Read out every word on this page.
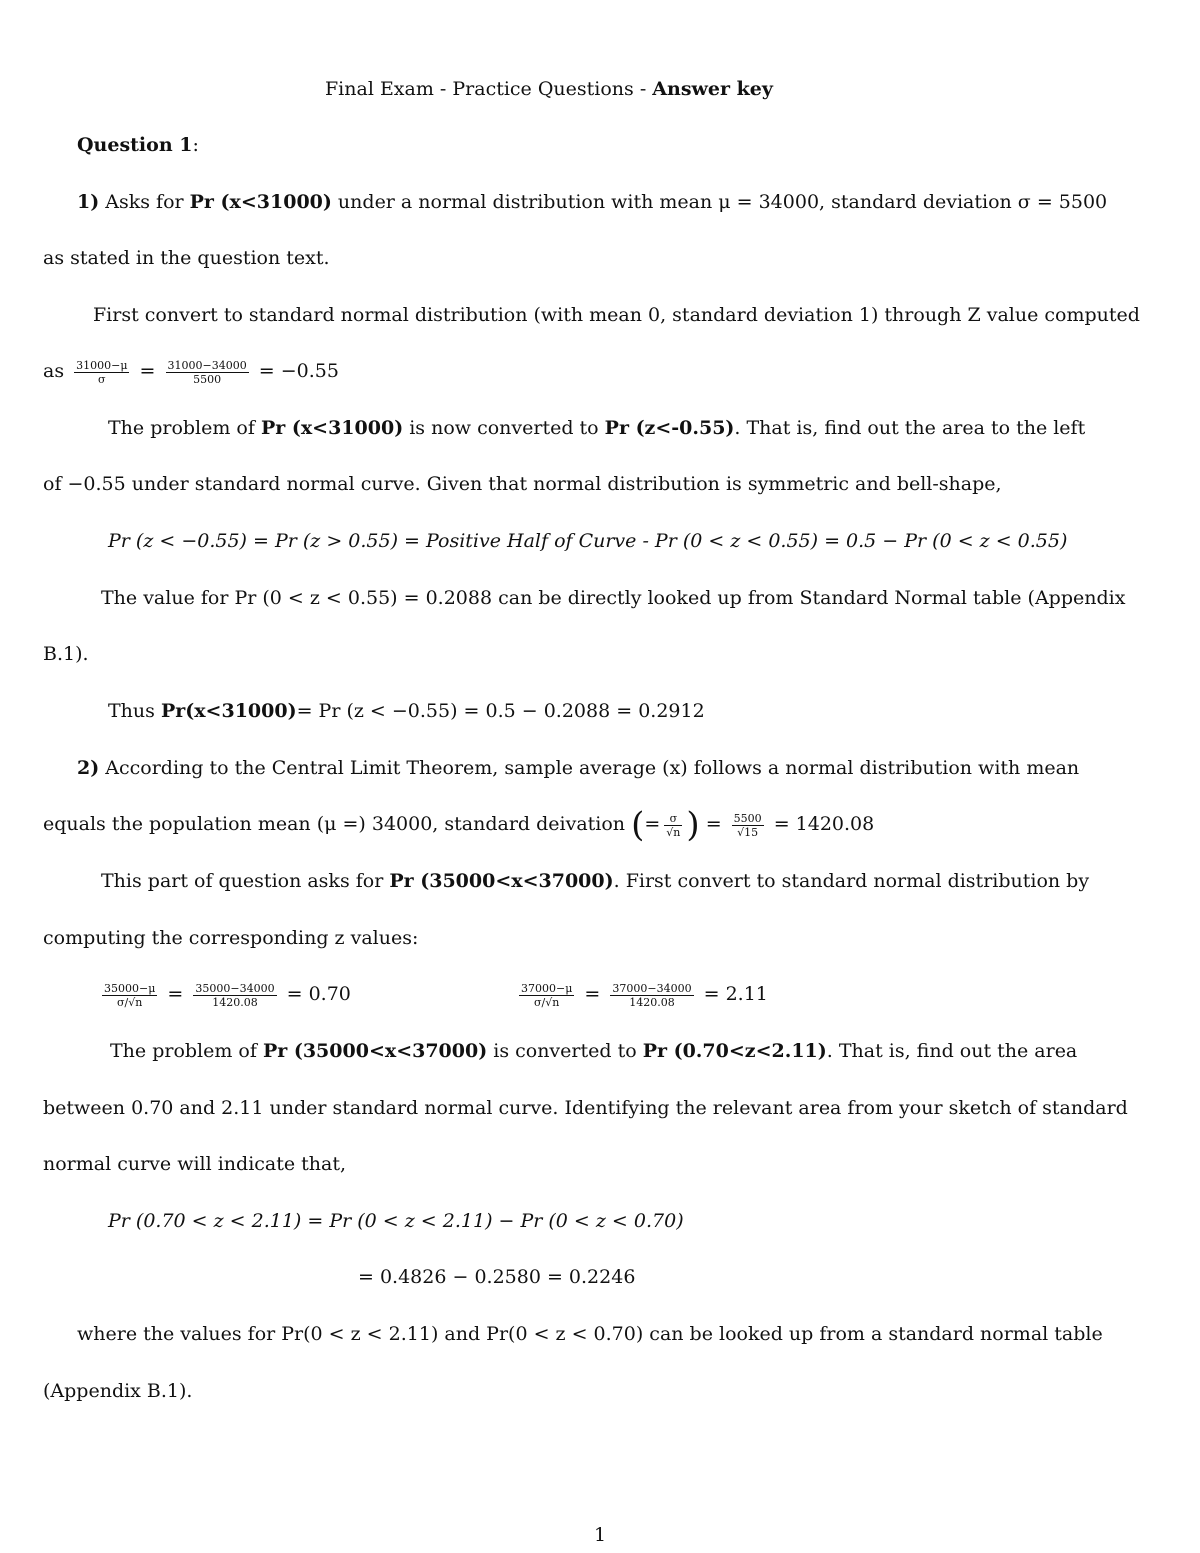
Final Exam - Practice Questions - Answer key
Question 1:
1) Asks for Pr (x<31000) under a normal distribution with mean μ = 34000, standard deviation σ = 5500
as stated in the question text.
First convert to standard normal distribution (with mean 0, standard deviation 1) through Z value computed
as $\frac{31000-\mu}{\sigma} = \frac{31000-34000}{5500} = -0.55$
The problem of Pr (x<31000) is now converted to Pr (z<-0.55). That is, find out the area to the left
of −0.55 under standard normal curve. Given that normal distribution is symmetric and bell-shape,
Pr (z < −0.55) = Pr (z > 0.55) = Positive Half of Curve - Pr (0 < z < 0.55) = 0.5 − Pr (0 < z < 0.55)
The value for Pr (0 < z < 0.55) = 0.2088 can be directly looked up from Standard Normal table (Appendix
B.1).
Thus Pr(x<31000)= Pr (z < −0.55) = 0.5 − 0.2088 = 0.2912
2) According to the Central Limit Theorem, sample average (x) follows a normal distribution with mean
equals the population mean (μ =) 34000, standard deivation (= $\frac{\sigma}{√n}$ ) = $\frac{5500}{√15} = 1420.08$
This part of question asks for Pr (35000<x<37000). First convert to standard normal distribution by
computing the corresponding z values:
$\frac{35000-\mu}{\sigma/√n} = \frac{35000-34000}{1420.08} = 0.70$	$\frac{37000-\mu}{\sigma/√n} = \frac{37000-34000}{1420.08} = 2.11$
The problem of Pr (35000<x<37000) is converted to Pr (0.70<z<2.11). That is, find out the area
between 0.70 and 2.11 under standard normal curve. Identifying the relevant area from your sketch of standard
normal curve will indicate that,
Pr (0.70 < z < 2.11) = Pr (0 < z < 2.11) − Pr (0 < z < 0.70)
= 0.4826 − 0.2580 = 0.2246
where the values for Pr(0 < z < 2.11) and Pr(0 < z < 0.70) can be looked up from a standard normal table
(Appendix B.1).
1
